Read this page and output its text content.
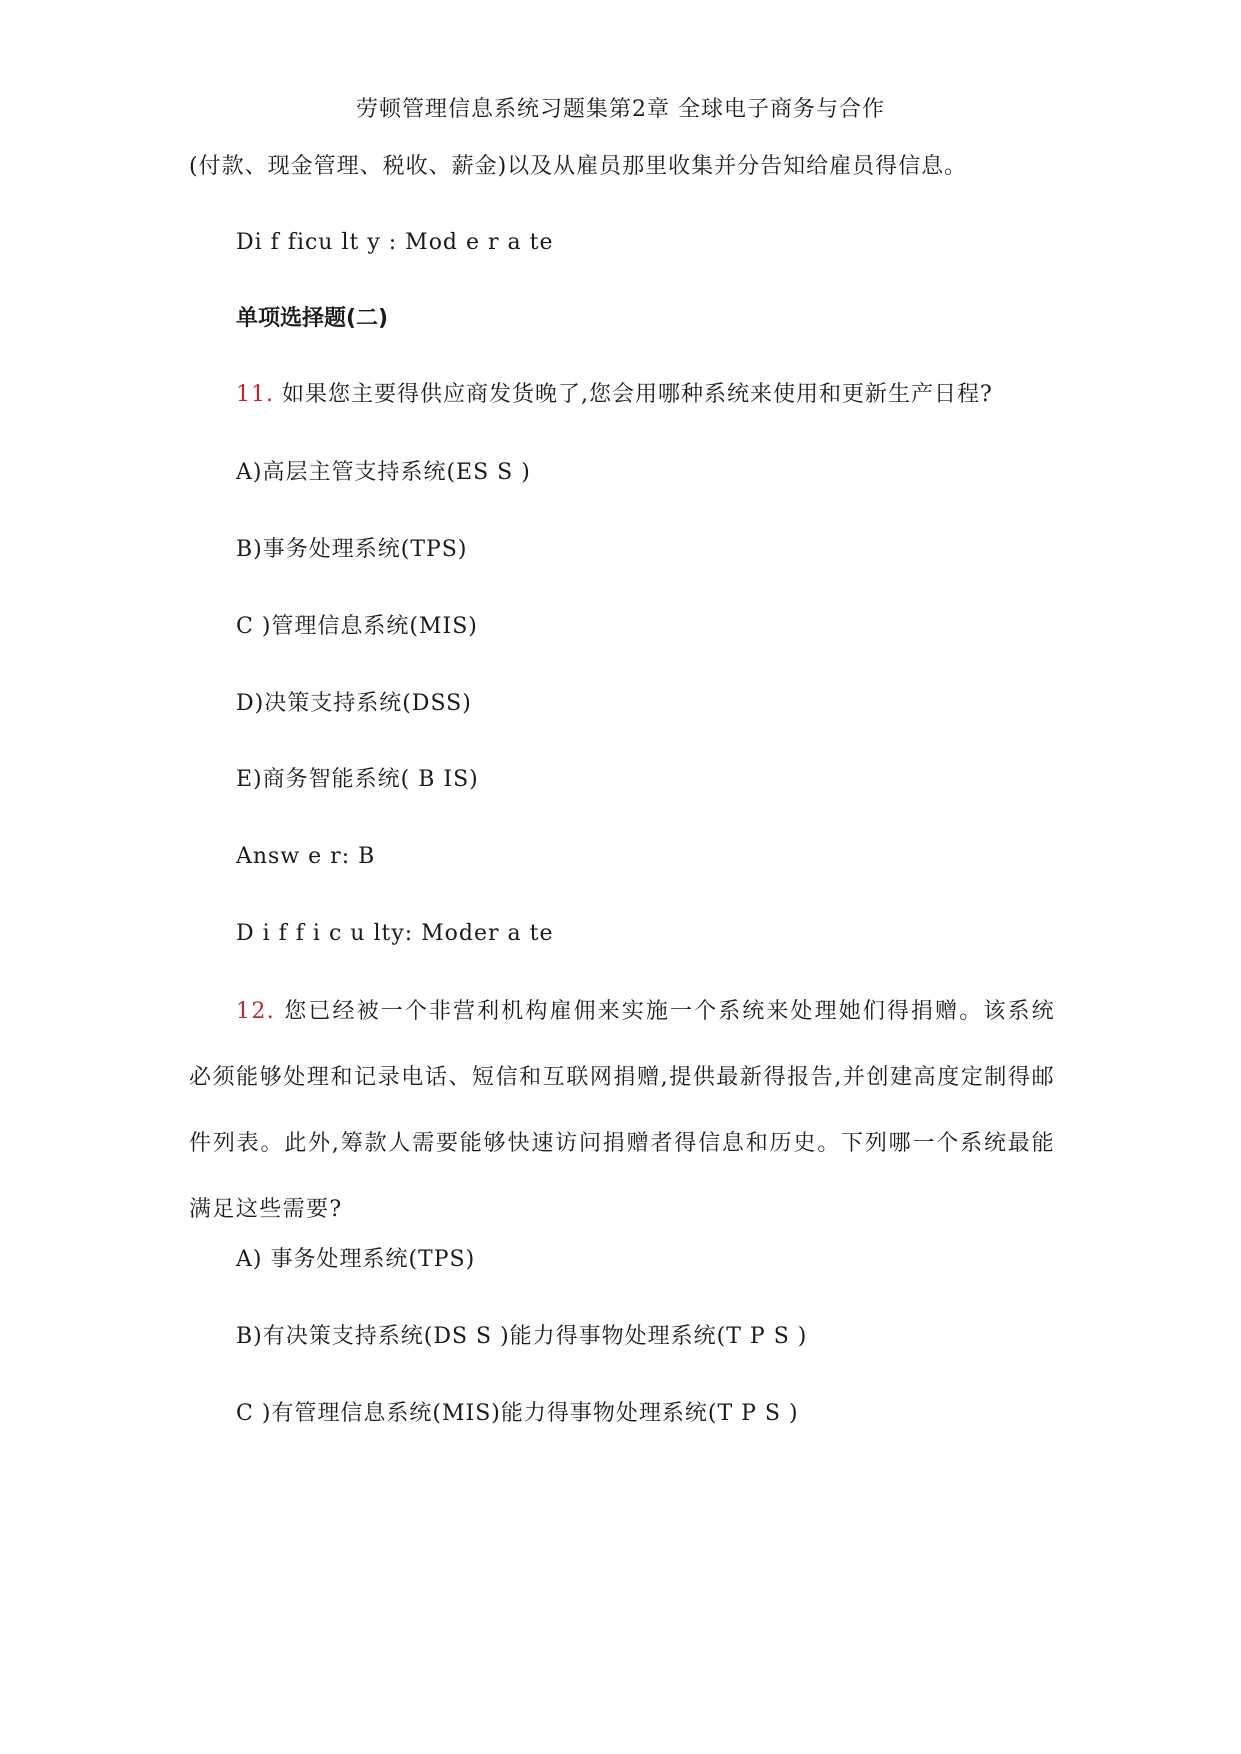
劳顿管理信息系统习题集第2章 全球电子商务与合作
(付款、现金管理、税收、薪金)以及从雇员那里收集并分告知给雇员得信息。
Di f ficu lt y : Mod e r a te
单项选择题(二)
11. 如果您主要得供应商发货晚了,您会用哪种系统来使用和更新生产日程?
A)高层主管支持系统(ES S )
B)事务处理系统(TPS)
C )管理信息系统(MIS)
D)决策支持系统(DSS)
E)商务智能系统( B IS)
Answ e r: B
D i f f i c u lty: Moder a te
12. 您已经被一个非营利机构雇佣来实施一个系统来处理她们得捐赠。该系统必须能够处理和记录电话、短信和互联网捐赠,提供最新得报告,并创建高度定制得邮件列表。此外,筹款人需要能够快速访问捐赠者得信息和历史。下列哪一个系统最能满足这些需要?
A) 事务处理系统(TPS)
B)有决策支持系统(DS S )能力得事物处理系统(T P S )
C )有管理信息系统(MIS)能力得事物处理系统(T P S )
